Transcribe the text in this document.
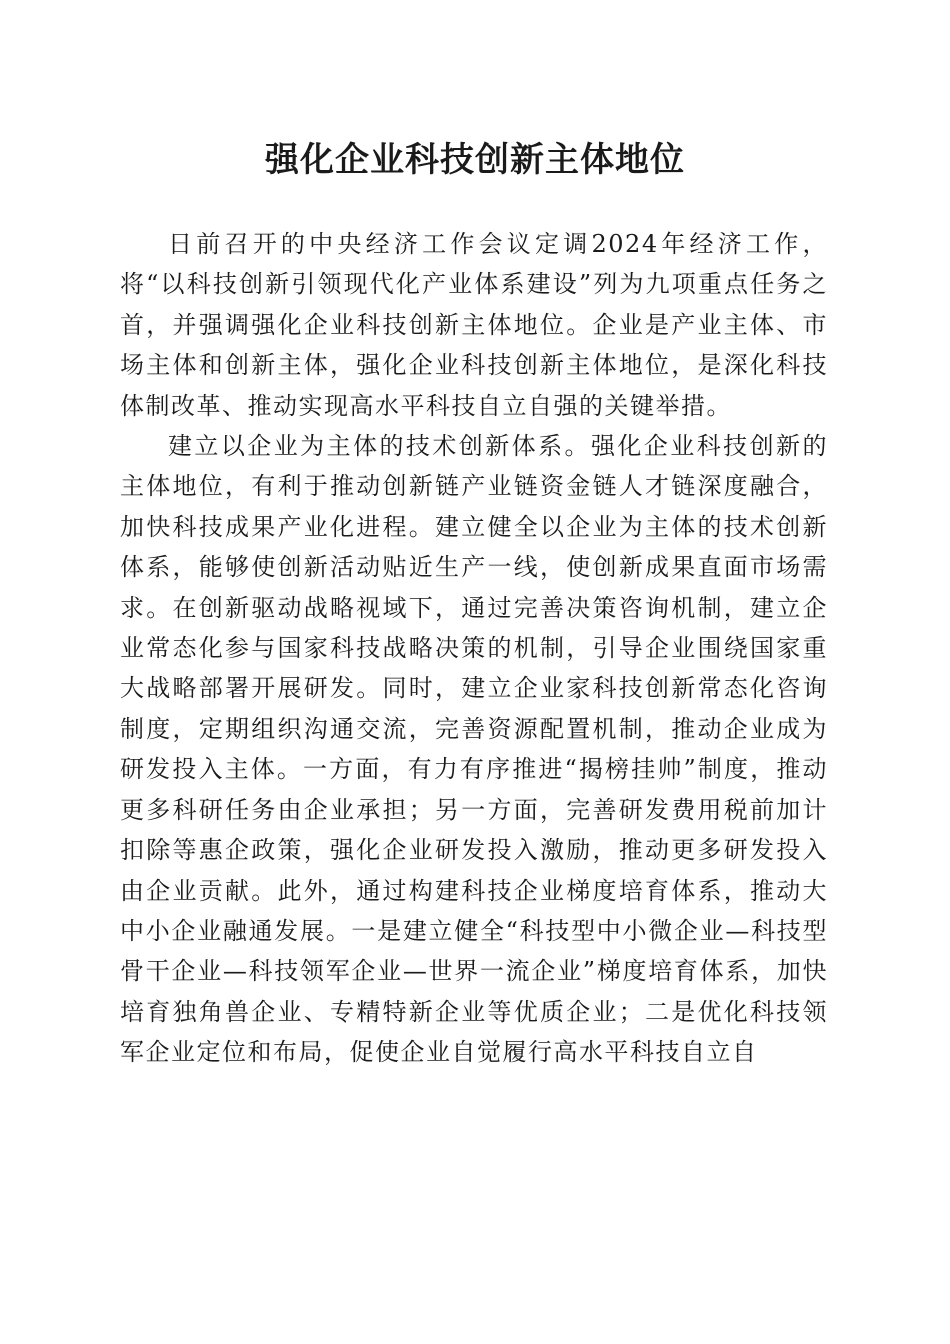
强化企业科技创新主体地位

日前召开的中央经济工作会议定调2024年经济工作，将“以科技创新引领现代化产业体系建设”列为九项重点任务之首，并强调强化企业科技创新主体地位。企业是产业主体、市场主体和创新主体，强化企业科技创新主体地位，是深化科技体制改革、推动实现高水平科技自立自强的关键举措。

建立以企业为主体的技术创新体系。强化企业科技创新的主体地位，有利于推动创新链产业链资金链人才链深度融合，加快科技成果产业化进程。建立健全以企业为主体的技术创新体系，能够使创新活动贴近生产一线，使创新成果直面市场需求。在创新驱动战略视域下，通过完善决策咨询机制，建立企业常态化参与国家科技战略决策的机制，引导企业围绕国家重大战略部署开展研发。同时，建立企业家科技创新常态化咨询制度，定期组织沟通交流，完善资源配置机制，推动企业成为研发投入主体。一方面，有力有序推进“揭榜挂帅”制度，推动更多科研任务由企业承担；另一方面，完善研发费用税前加计扣除等惠企政策，强化企业研发投入激励，推动更多研发投入由企业贡献。此外，通过构建科技企业梯度培育体系，推动大中小企业融通发展。一是建立健全“科技型中小微企业—科技型骨干企业—科技领军企业—世界一流企业”梯度培育体系，加快培育独角兽企业、专精特新企业等优质企业；二是优化科技领军企业定位和布局，促使企业自觉履行高水平科技自立自
